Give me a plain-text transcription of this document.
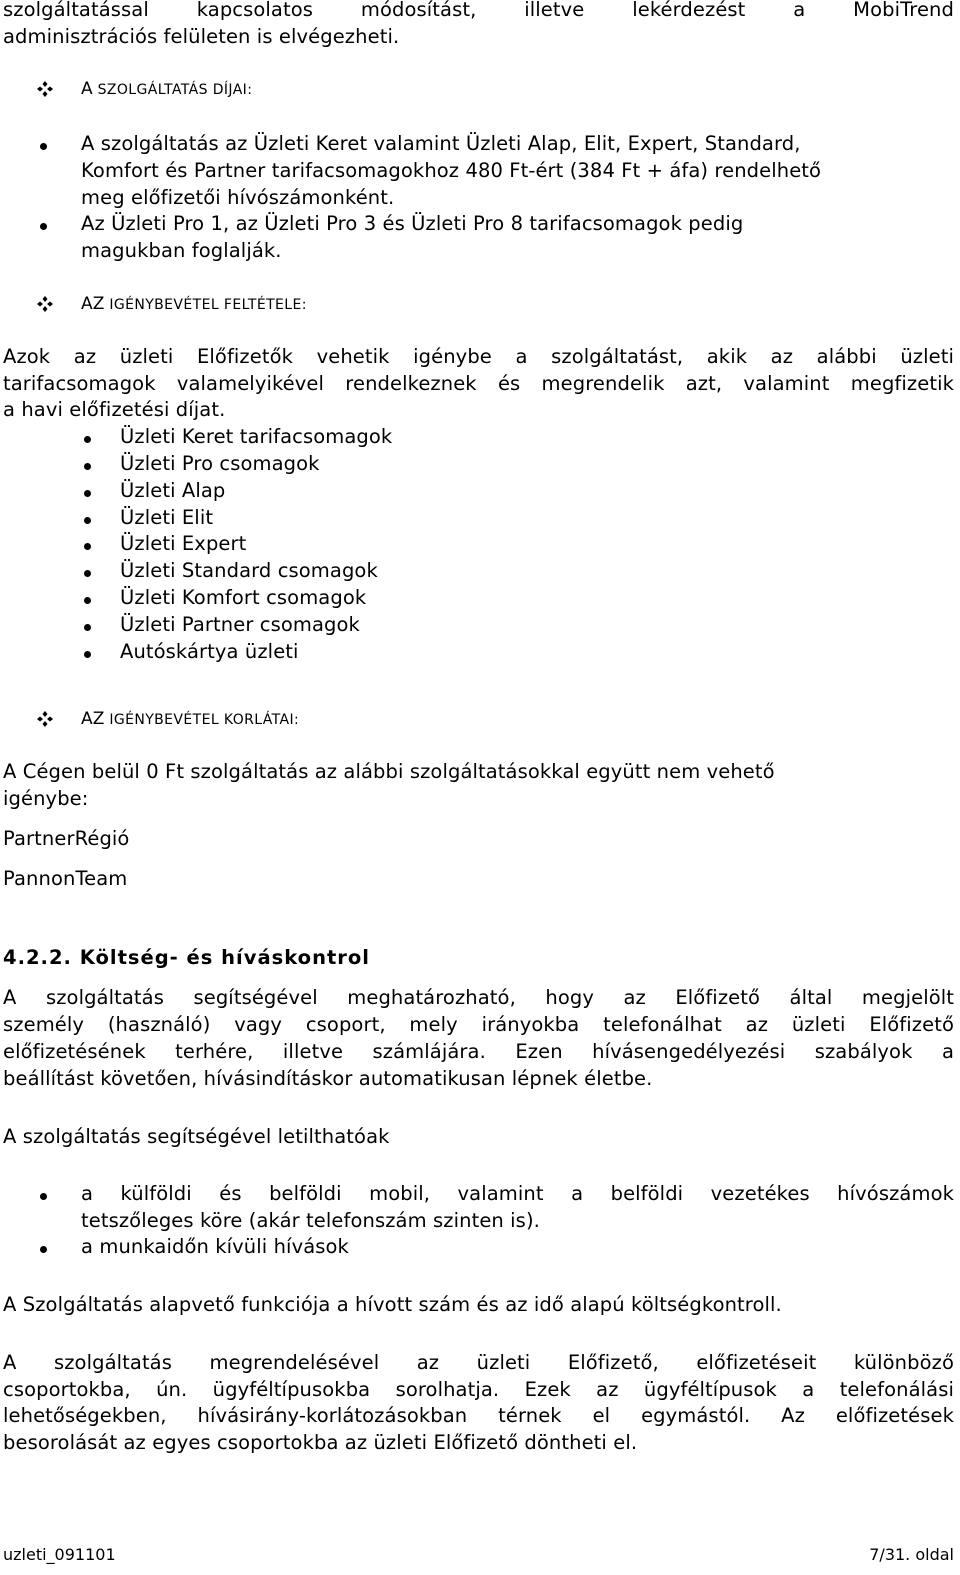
szolgáltatással kapcsolatos módosítást, illetve lekérdezést a MobiTrend
adminisztrációs felületen is elvégezheti.
A SZOLGÁLTATÁS DÍJAI:
A szolgáltatás az Üzleti Keret valamint Üzleti Alap, Elit, Expert, Standard,
Komfort és Partner tarifacsomagokhoz 480 Ft-ért (384 Ft + áfa) rendelhető
meg előfizetői hívószámonként.
Az Üzleti Pro 1, az Üzleti Pro 3 és Üzleti Pro 8 tarifacsomagok pedig
magukban foglalják.
AZ IGÉNYBEVÉTEL FELTÉTELE:
Azok az üzleti Előfizetők vehetik igénybe a szolgáltatást, akik az alábbi üzleti
tarifacsomagok valamelyikével rendelkeznek és megrendelik azt, valamint megfizetik
a havi előfizetési díjat.
Üzleti Keret tarifacsomagok
Üzleti Pro csomagok
Üzleti Alap
Üzleti Elit
Üzleti Expert
Üzleti Standard csomagok
Üzleti Komfort csomagok
Üzleti Partner csomagok
Autóskártya üzleti
AZ IGÉNYBEVÉTEL KORLÁTAI:
A Cégen belül 0 Ft szolgáltatás az alábbi szolgáltatásokkal együtt nem vehető
igénybe:
PartnerRégió
PannonTeam
4.2.2. Költség- és híváskontrol
A szolgáltatás segítségével meghatározható, hogy az Előfizető által megjelölt
személy (használó) vagy csoport, mely irányokba telefonálhat az üzleti Előfizető
előfizetésének terhére, illetve számlájára. Ezen hívásengedélyezési szabályok a
beállítást követően, hívásindításkor automatikusan lépnek életbe.
A szolgáltatás segítségével letilthatóak
a külföldi és belföldi mobil, valamint a belföldi vezetékes hívószámok
tetszőleges köre (akár telefonszám szinten is).
a munkaidőn kívüli hívások
A Szolgáltatás alapvető funkciója a hívott szám és az idő alapú költségkontroll.
A szolgáltatás megrendelésével az üzleti Előfizető, előfizetéseit különböző
csoportokba, ún. ügyféltípusokba sorolhatja. Ezek az ügyféltípusok a telefonálási
lehetőségekben, hívásirány-korlátozásokban térnek el egymástól. Az előfizetések
besorolását az egyes csoportokba az üzleti Előfizető döntheti el.
uzleti_091101	7/31. oldal
